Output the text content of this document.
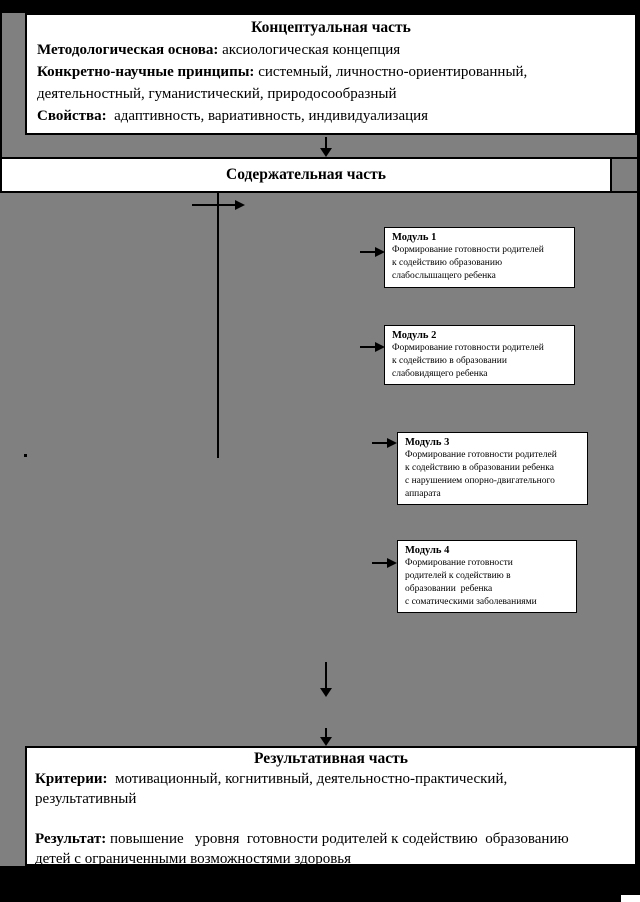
Концептуальная часть
Методологическая основа: аксиологическая концепция
Конкретно-научные принципы: системный, личностно-ориентированный,
деятельностный, гуманистический, природосообразный
Свойства:  адаптивность, вариативность, индивидуализация
Содержательная часть
Модуль 1
Формирование готовности родителей
к содействию образованию
слабослышащего ребенка
Модуль 2
Формирование готовности родителей
к содействию в образовании
слабовидящего ребенка
Модуль 3
Формирование готовности родителей
к содействию в образовании ребенка
с нарушением опорно-двигательного
аппарата
Модуль 4
Формирование готовности
родителей к содействию в
образовании  ребенка
с соматическими заболеваниями
Результативная часть
Критерии:  мотивационный, когнитивный, деятельностно-практический,
результативный
Результат: повышение   уровня  готовности родителей к содействию  образованию
детей с ограниченными возможностями здоровья
